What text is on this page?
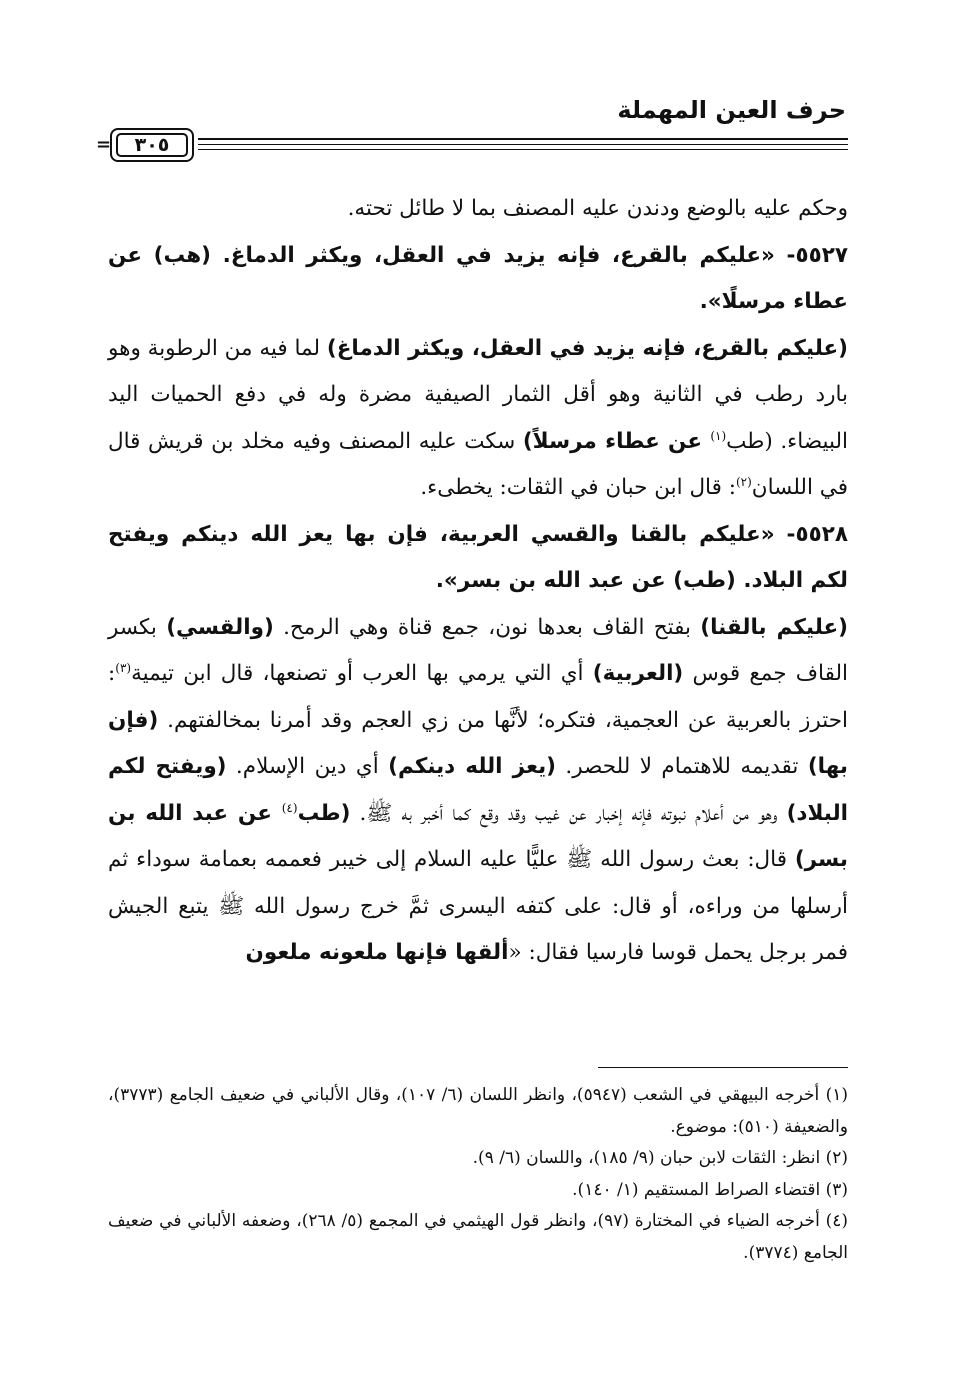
حرف العين المهملة
=	٣٠٥

وحكم عليه بالوضع ودندن عليه المصنف بما لا طائل تحته.

٥٥٢٧- «عليكم بالقرع، فإنه يزيد في العقل، ويكثر الدماغ. (هب) عن عطاء مرسلًا».

(عليكم بالقرع، فإنه يزيد في العقل، ويكثر الدماغ) لما فيه من الرطوبة وهو بارد رطب في الثانية وهو أقل الثمار الصيفية مضرة وله في دفع الحميات اليد البيضاء. (طب$^{(١)}$ عن عطاء مرسلاً) سكت عليه المصنف وفيه مخلد بن قريش قال في اللسان$^{(٢)}$: قال ابن حبان في الثقات: يخطىء.

٥٥٢٨- «عليكم بالقنا والقسي العربية، فإن بها يعز الله دينكم ويفتح لكم البلاد. (طب) عن عبد الله بن بسر».

(عليكم بالقنا) بفتح القاف بعدها نون، جمع قناة وهي الرمح. (والقسي) بكسر القاف جمع قوس (العربية) أي التي يرمي بها العرب أو تصنعها، قال ابن تيمية$^{(٣)}$: احترز بالعربية عن العجمية، فتكره؛ لأنَّها من زي العجم وقد أمرنا بمخالفتهم. (فإن بها) تقديمه للاهتمام لا للحصر. (يعز الله دينكم) أي دين الإسلام. (ويفتح لكم البلاد) وهو من أعلام نبوته فإنه إخبار عن غيب وقد وقع كما أخبر به ﷺ. (طب$^{(٤)}$ عن عبد الله بن بسر) قال: بعث رسول الله ﷺ عليًّا عليه السلام إلى خيبر فعممه بعمامة سوداء ثم أرسلها من وراءه، أو قال: على كتفه اليسرى ثمَّ خرج رسول الله ﷺ يتبع الجيش فمر برجل يحمل قوسا فارسيا فقال: «ألقها فإنها ملعونه ملعون

(١) أخرجه البيهقي في الشعب (٥٩٤٧)، وانظر اللسان (٦/ ١٠٧)، وقال الألباني في ضعيف الجامع (٣٧٧٣)، والضعيفة (٥١٠): موضوع.

(٢) انظر: الثقات لابن حبان (٩/ ١٨٥)، واللسان (٦/ ٩).

(٣) اقتضاء الصراط المستقيم (١/ ١٤٠).

(٤) أخرجه الضياء في المختارة (٩٧)، وانظر قول الهيثمي في المجمع (٥/ ٢٦٨)، وضعفه الألباني في ضعيف الجامع (٣٧٧٤).
